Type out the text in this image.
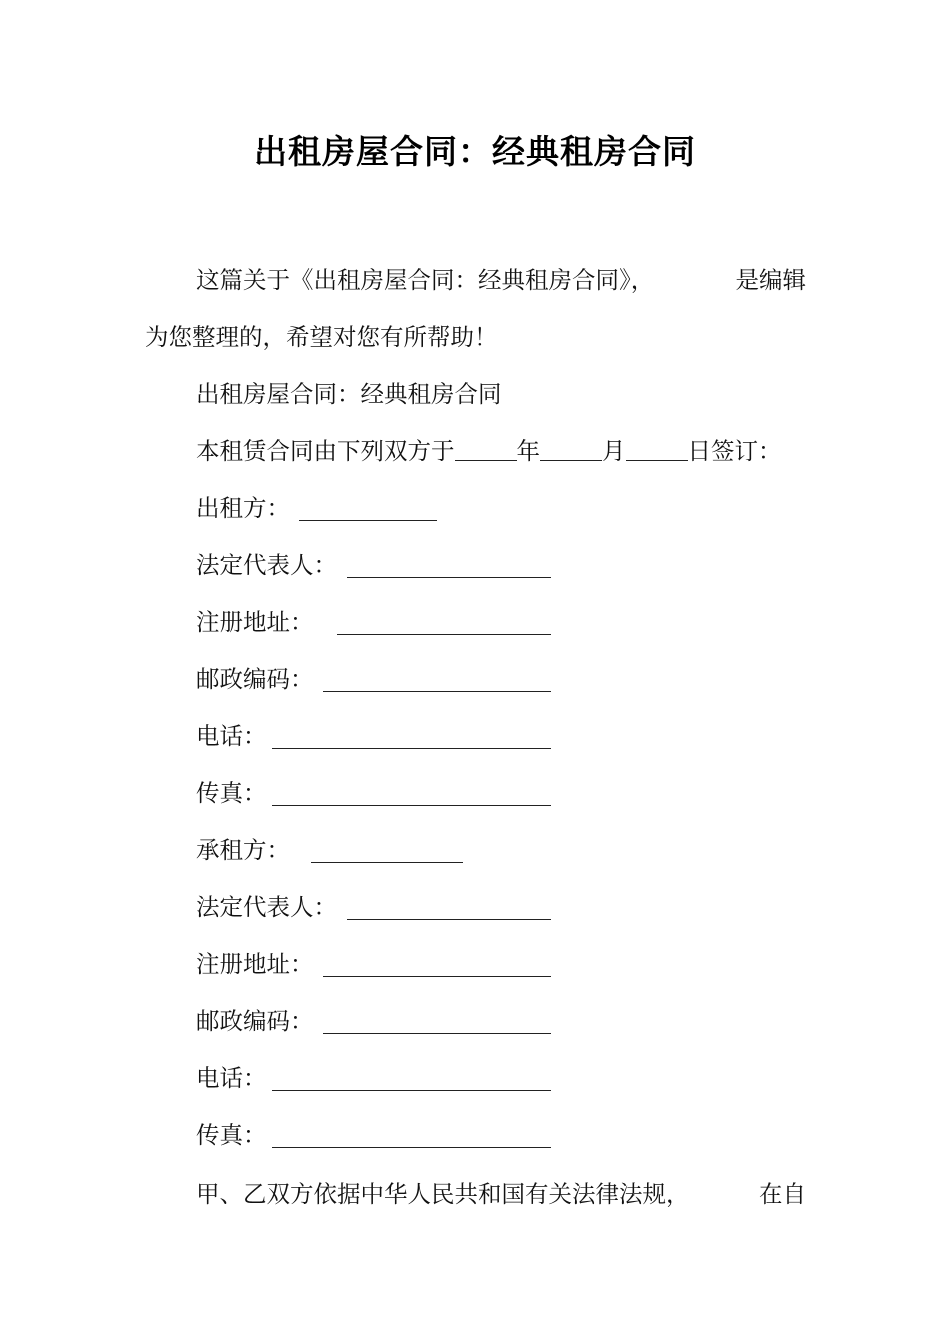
出租房屋合同：经典租房合同
这篇关于《出租房屋合同：经典租房合同》，	是编辑
为您整理的，希望对您有所帮助！
出租房屋合同：经典租房合同
本租赁合同由下列双方于	年	月	日签订：
出租方：
法定代表人：
注册地址：
邮政编码：
电话：
传真：
承租方：
法定代表人：
注册地址：
邮政编码：
电话：
传真：
甲、乙双方依据中华人民共和国有关法律法规，	在自
